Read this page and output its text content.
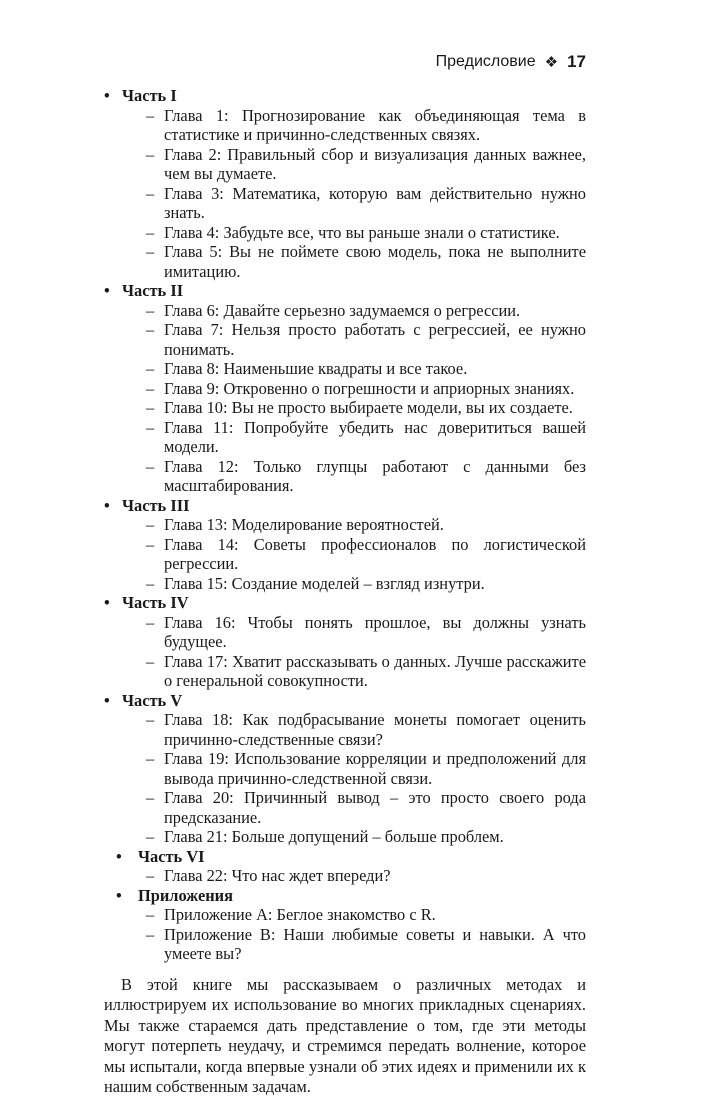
Предисловие ❖ 17
• Часть I
– Глава 1: Прогнозирование как объединяющая тема в статистике и причинно-следственных связях.
– Глава 2: Правильный сбор и визуализация данных важнее, чем вы думаете.
– Глава 3: Математика, которую вам действительно нужно знать.
– Глава 4: Забудьте все, что вы раньше знали о статистике.
– Глава 5: Вы не поймете свою модель, пока не выполните имитацию.
• Часть II
– Глава 6: Давайте серьезно задумаемся о регрессии.
– Глава 7: Нельзя просто работать с регрессией, ее нужно понимать.
– Глава 8: Наименьшие квадраты и все такое.
– Глава 9: Откровенно о погрешности и априорных знаниях.
– Глава 10: Вы не просто выбираете модели, вы их создаете.
– Глава 11: Попробуйте убедить нас доверититься вашей модели.
– Глава 12: Только глупцы работают с данными без масштабирования.
• Часть III
– Глава 13: Моделирование вероятностей.
– Глава 14: Советы профессионалов по логистической регрессии.
– Глава 15: Создание моделей – взгляд изнутри.
• Часть IV
– Глава 16: Чтобы понять прошлое, вы должны узнать будущее.
– Глава 17: Хватит рассказывать о данных. Лучше расскажите о генеральной совокупности.
• Часть V
– Глава 18: Как подбрасывание монеты помогает оценить причинно-следственные связи?
– Глава 19: Использование корреляции и предположений для вывода причинно-следственной связи.
– Глава 20: Причинный вывод – это просто своего рода предсказание.
– Глава 21: Больше допущений – больше проблем.
• Часть VI
– Глава 22: Что нас ждет впереди?
• Приложения
– Приложение A: Беглое знакомство с R.
– Приложение B: Наши любимые советы и навыки. А что умеете вы?

В этой книге мы рассказываем о различных методах и иллюстрируем их использование во многих прикладных сценариях. Мы также стараемся дать представление о том, где эти методы могут потерпеть неудачу, и стремимся передать волнение, которое мы испытали, когда впервые узнали об этих идеях и применили их к нашим собственным задачам.
